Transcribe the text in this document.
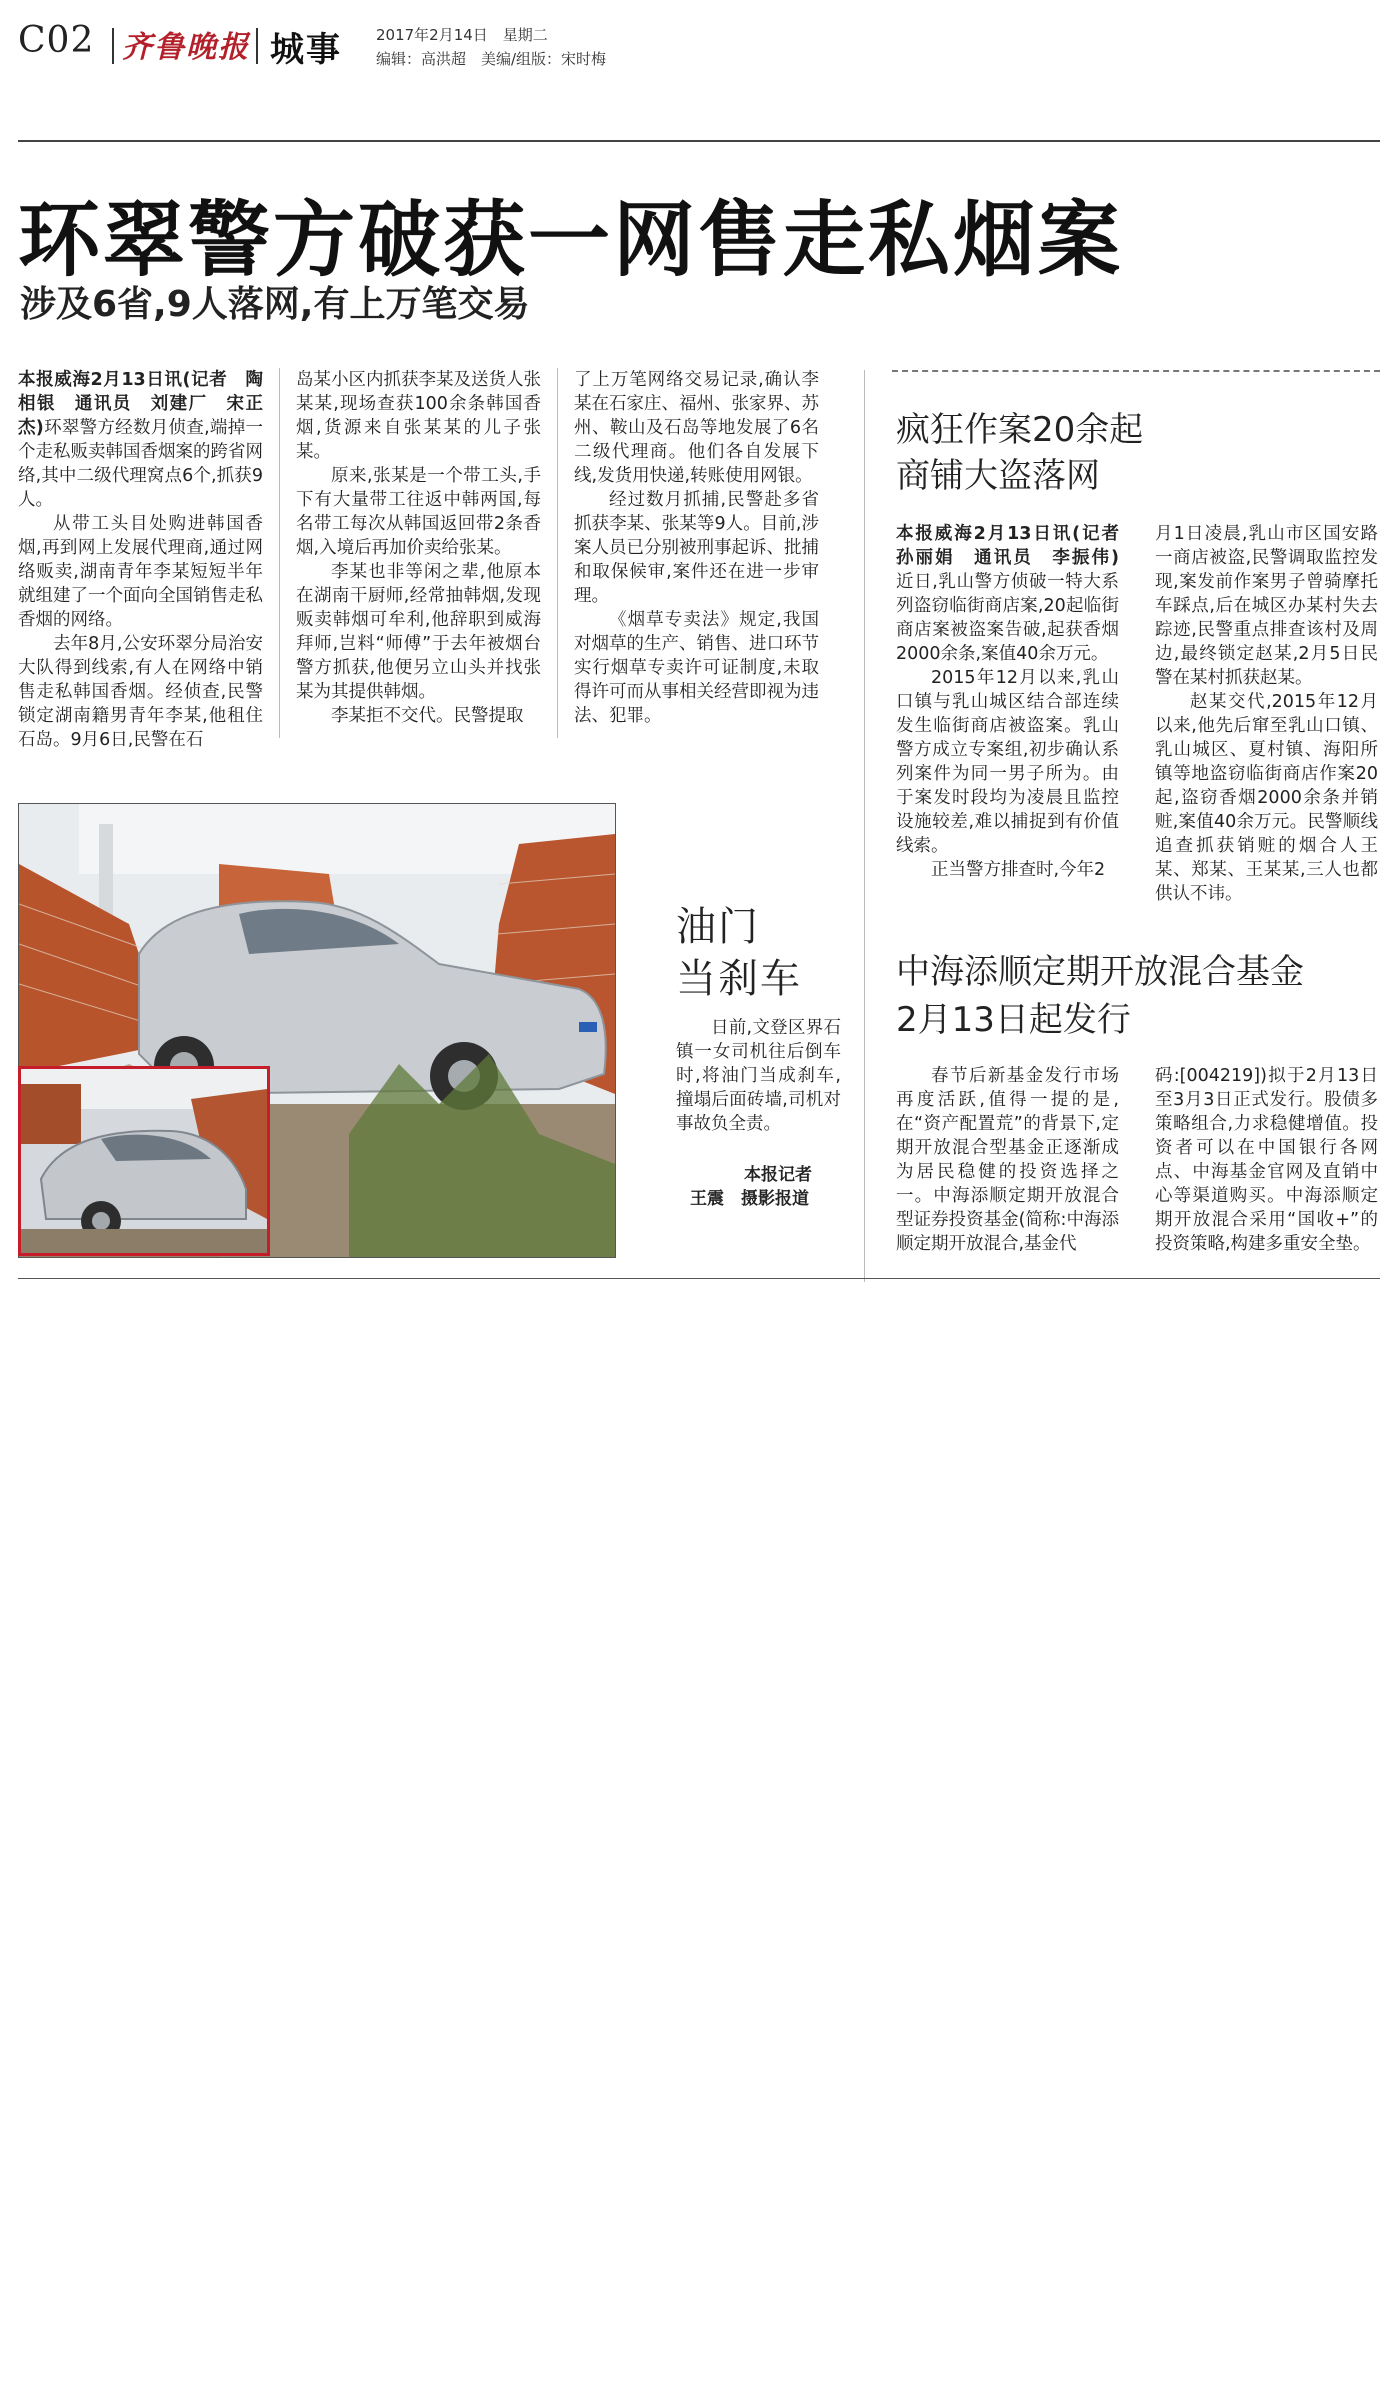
C02 齐鲁晚报 城事 2017年2月14日　星期二
编辑：高洪超　美编/组版：宋时梅
环翠警方破获一网售走私烟案
涉及6省,9人落网,有上万笔交易

本报威海2月13日讯(记者　陶相银　通讯员　刘建厂　宋正杰)环翠警方经数月侦查,端掉一个走私贩卖韩国香烟案的跨省网络,其中二级代理窝点6个,抓获9人。

从带工头目处购进韩国香烟,再到网上发展代理商,通过网络贩卖,湖南青年李某短短半年就组建了一个面向全国销售走私香烟的网络。

去年8月,公安环翠分局治安大队得到线索,有人在网络中销售走私韩国香烟。经侦查,民警锁定湖南籍男青年李某,他租住石岛。9月6日,民警在石

岛某小区内抓获李某及送货人张某某,现场查获100余条韩国香烟,货源来自张某某的儿子张某。

原来,张某是一个带工头,手下有大量带工往返中韩两国,每名带工每次从韩国返回带2条香烟,入境后再加价卖给张某。

李某也非等闲之辈,他原本在湖南干厨师,经常抽韩烟,发现贩卖韩烟可牟利,他辞职到威海拜师,岂料“师傅”于去年被烟台警方抓获,他便另立山头并找张某为其提供韩烟。

李某拒不交代。民警提取

了上万笔网络交易记录,确认李某在石家庄、福州、张家界、苏州、鞍山及石岛等地发展了6名二级代理商。他们各自发展下线,发货用快递,转账使用网银。

经过数月抓捕,民警赴多省抓获李某、张某等9人。目前,涉案人员已分别被刑事起诉、批捕和取保候审,案件还在进一步审理。

《烟草专卖法》规定,我国对烟草的生产、销售、进口环节实行烟草专卖许可证制度,未取得许可而从事相关经营即视为违法、犯罪。

油门
当刹车

日前,文登区界石镇一女司机往后倒车时,将油门当成刹车,撞塌后面砖墙,司机对事故负全责。

本报记者
王震　摄影报道
疯狂作案20余起
商铺大盗落网

本报威海2月13日讯(记者　孙丽娟　通讯员　李振伟)　近日,乳山警方侦破一特大系列盗窃临街商店案,20起临街商店案被盗案告破,起获香烟2000余条,案值40余万元。

2015年12月以来,乳山口镇与乳山城区结合部连续发生临街商店被盗案。乳山警方成立专案组,初步确认系列案件为同一男子所为。由于案发时段均为凌晨且监控设施较差,难以捕捉到有价值线索。

正当警方排查时,今年2

月1日凌晨,乳山市区国安路一商店被盗,民警调取监控发现,案发前作案男子曾骑摩托车踩点,后在城区办某村失去踪迹,民警重点排查该村及周边,最终锁定赵某,2月5日民警在某村抓获赵某。

赵某交代,2015年12月以来,他先后窜至乳山口镇、乳山城区、夏村镇、海阳所镇等地盗窃临街商店作案20起,盗窃香烟2000余条并销赃,案值40余万元。民警顺线追查抓获销赃的烟合人王某、郑某、王某某,三人也都供认不讳。

中海添顺定期开放混合基金
2月13日起发行

春节后新基金发行市场再度活跃,值得一提的是,在“资产配置荒”的背景下,定期开放混合型基金正逐渐成为居民稳健的投资选择之一。中海添顺定期开放混合型证券投资基金(简称:中海添顺定期开放混合,基金代

码:[004219])拟于2月13日至3月3日正式发行。股债多策略组合,力求稳健增值。投资者可以在中国银行各网点、中海基金官网及直销中心等渠道购买。中海添顺定期开放混合采用“国收+”的投资策略,构建多重安全垫。
